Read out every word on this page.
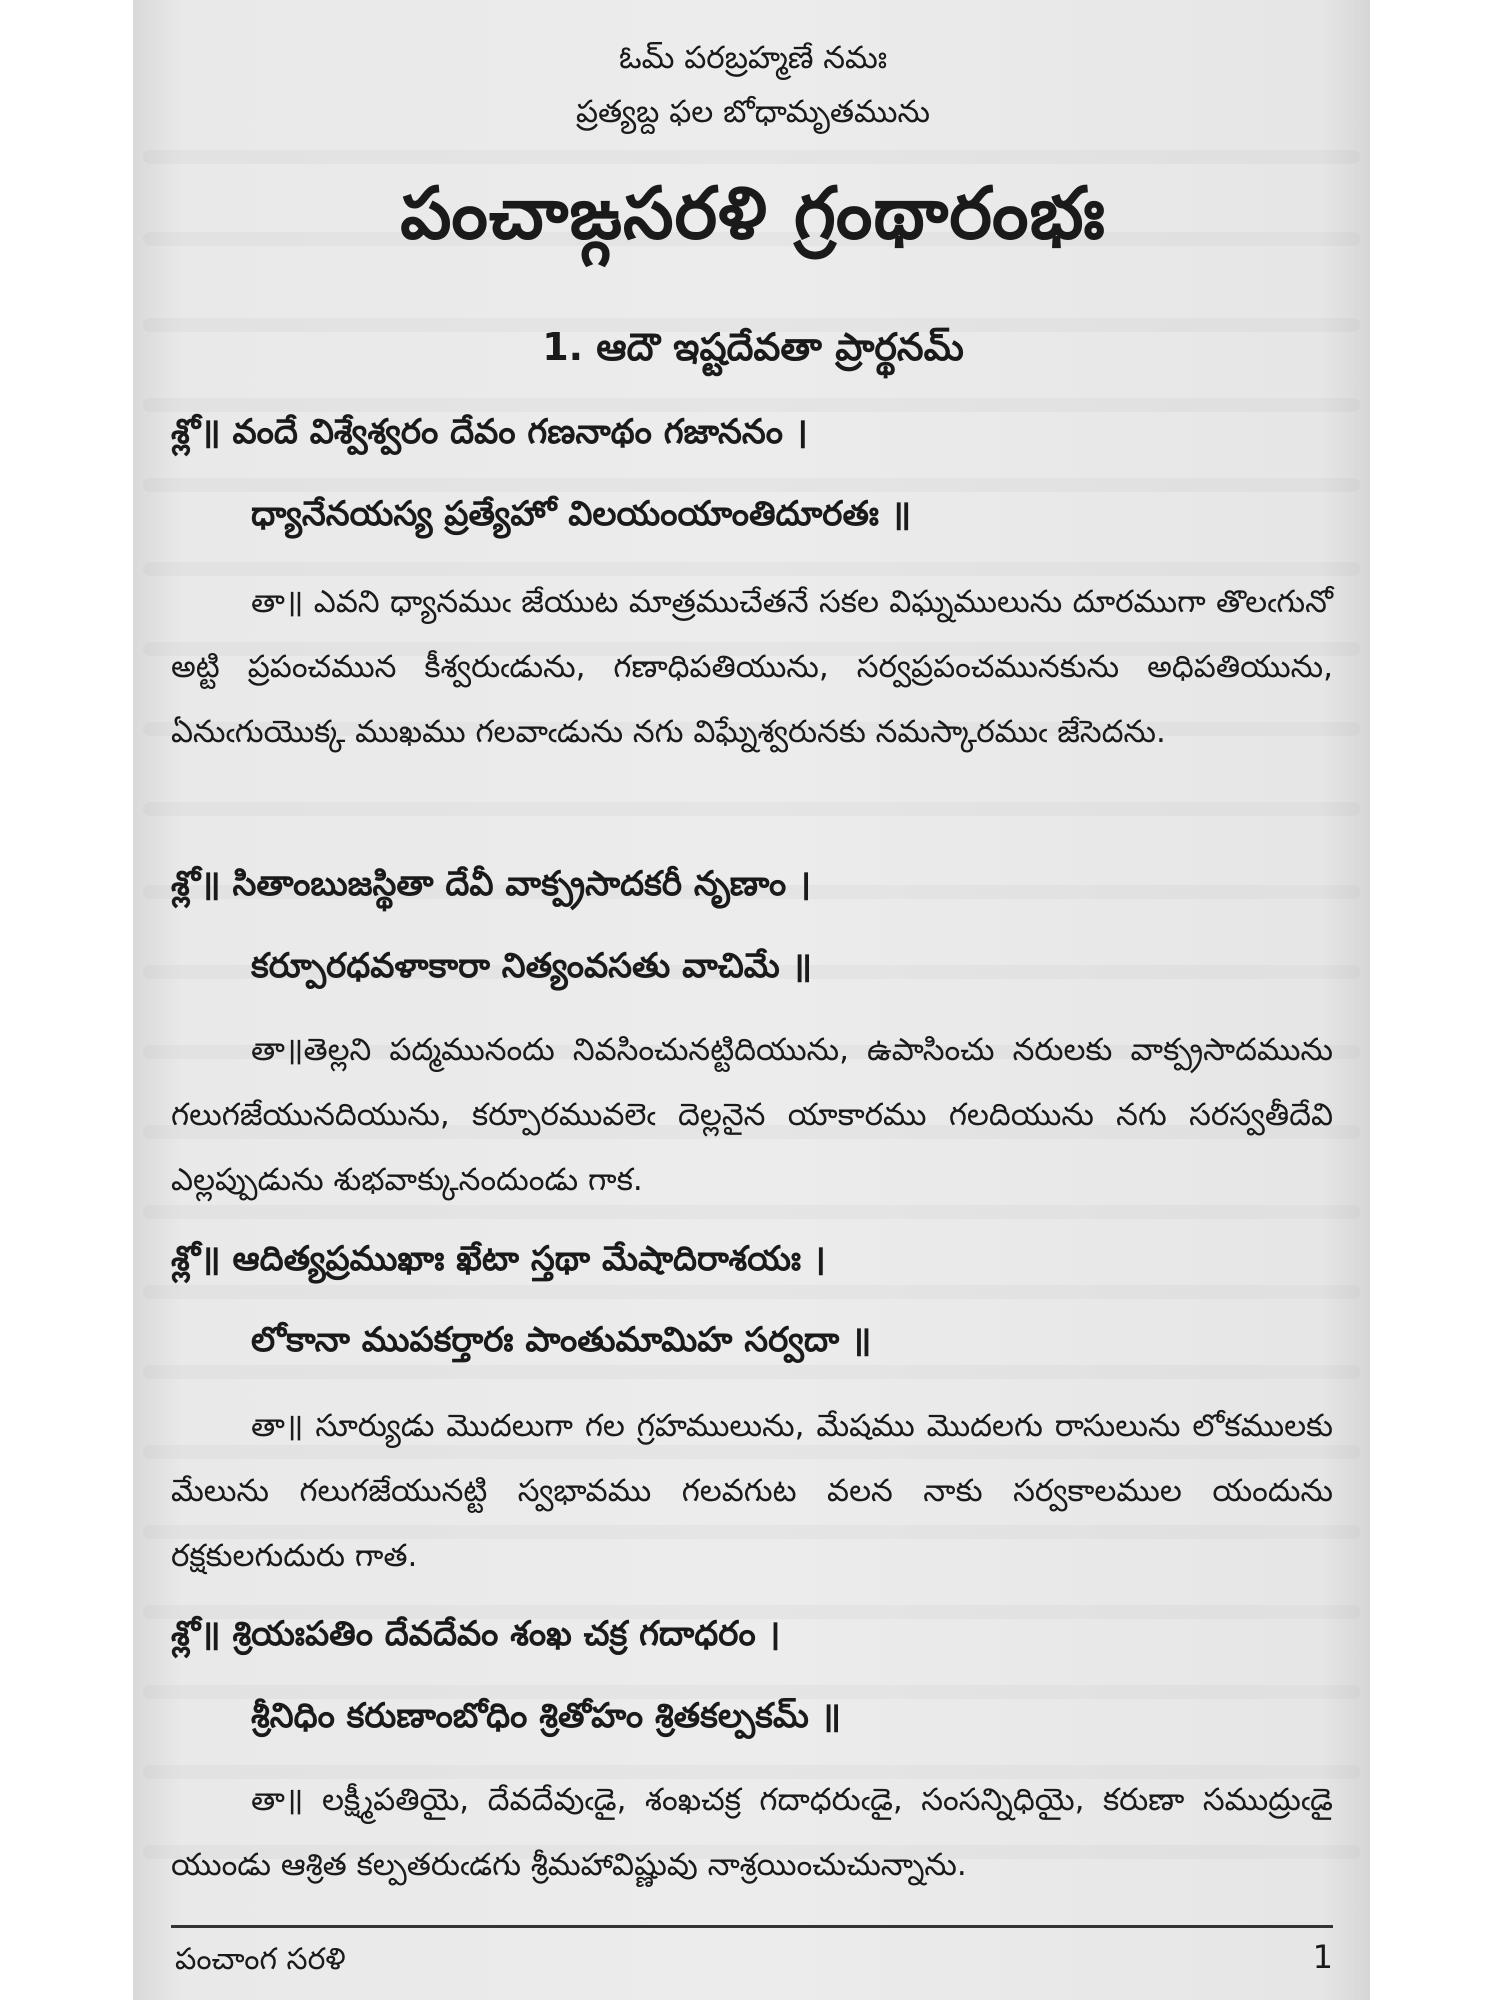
ఓమ్ పరబ్రహ్మణే నమః
ప్రత్యబ్ద ఫల బోధామృతమును
పంచాఙ్గసరళి గ్రంథారంభః
1. ఆదౌ ఇష్టదేవతా ప్రార్థనమ్
శ్లో॥ వందే విశ్వేశ్వరం దేవం గణనాథం గజాననం ।
ధ్యానేనయస్య ప్రత్యేహో విలయంయాంతిదూరతః ॥
తా॥ ఎవని ధ్యానముఁ జేయుట మాత్రముచేతనే సకల విఘ్నములును దూరముగా తొలఁగునో అట్టి ప్రపంచమున కీశ్వరుఁడును, గణాధిపతియును, సర్వప్రపంచమునకును అధిపతియును, ఏనుఁగుయొక్క ముఖము గలవాఁడును నగు విఘ్నేశ్వరునకు నమస్కారముఁ జేసెదను.
శ్లో॥ సితాంబుజస్థితా దేవీ వాక్ప్రసాదకరీ నృణాం ।
కర్పూరధవళాకారా నిత్యంవసతు వాచిమే ॥
తా॥తెల్లని పద్మమునందు నివసించునట్టిదియును, ఉపాసించు నరులకు వాక్ప్రసాదమును గలుగజేయునదియును, కర్పూరమువలెఁ దెల్లనైన యాకారము గలదియును నగు సరస్వతీదేవి ఎల్లప్పుడును శుభవాక్కునందుండు గాక.
శ్లో॥ ఆదిత్యప్రముఖాః ఖేటా స్తథా మేషాదిరాశయః ।
లోకానా ముపకర్తారః పాంతుమామిహ సర్వదా ॥
తా॥ సూర్యుడు మొదలుగా గల గ్రహములును, మేషము మొదలగు రాసులును లోకములకు మేలును గలుగజేయునట్టి స్వభావము గలవగుట వలన నాకు సర్వకాలముల యందును రక్షకులగుదురు గాత.
శ్లో॥ శ్రియఃపతిం దేవదేవం శంఖ చక్ర గదాధరం ।
శ్రీనిధిం కరుణాంబోధిం శ్రితోహం శ్రితకల్పకమ్ ॥
తా॥ లక్ష్మీపతియై, దేవదేవుఁడై, శంఖచక్ర గదాధరుఁడై, సంసన్నిధియై, కరుణా సముద్రుఁడై యుండు ఆశ్రిత కల్పతరుఁడగు శ్రీమహావిష్ణువు నాశ్రయించుచున్నాను.
పంచాంగ సరళి	1
